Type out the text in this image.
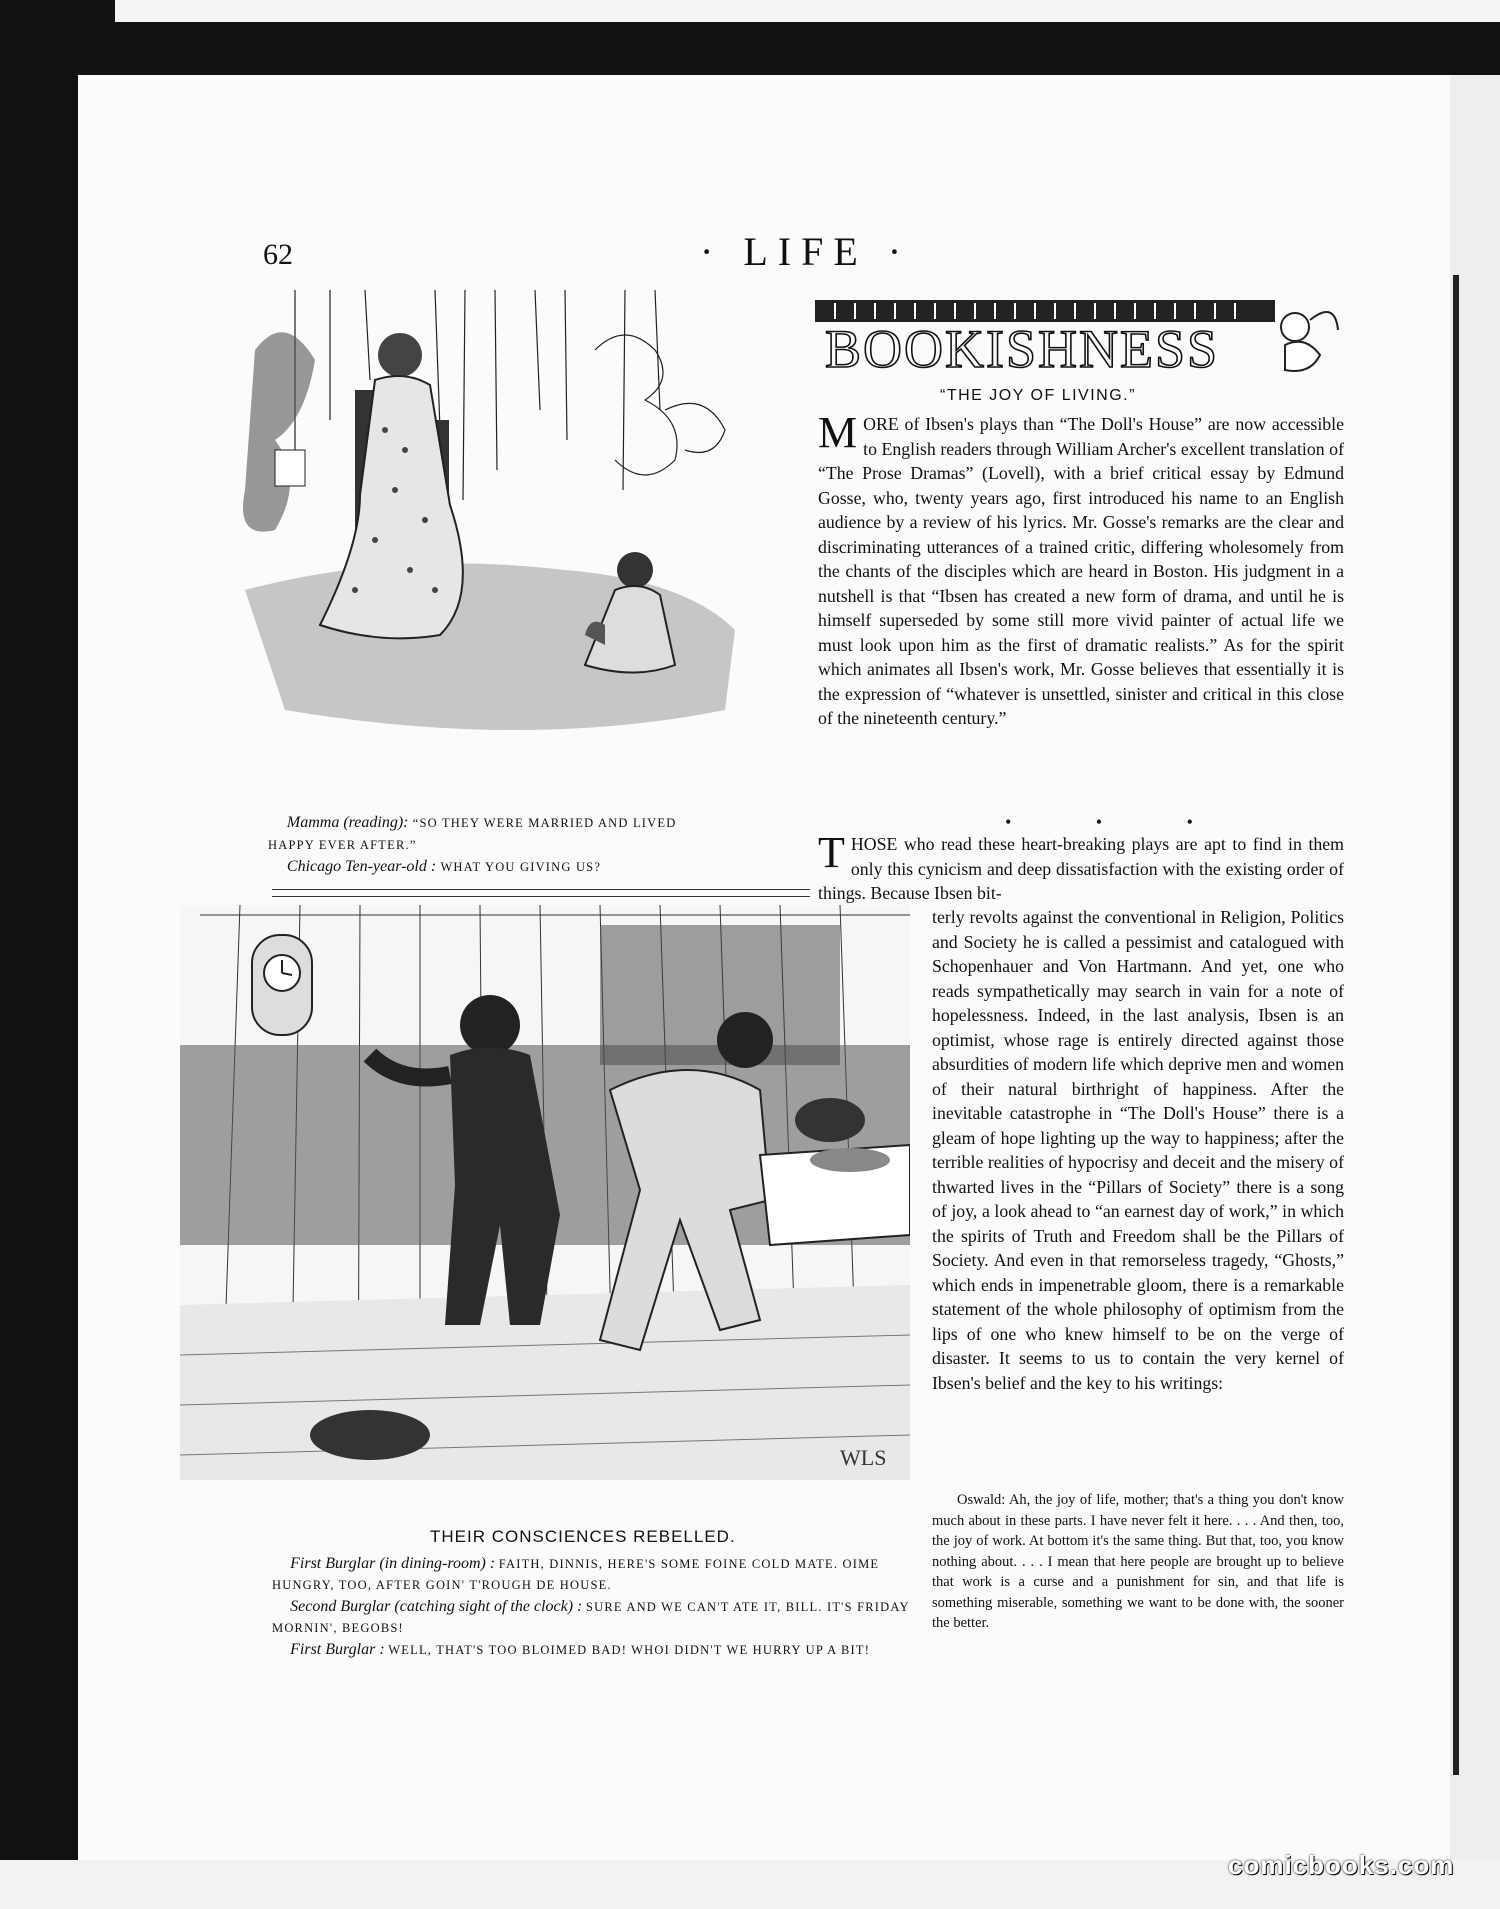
62	· LIFE ·

Mamma (reading): “SO THEY WERE MARRIED AND LIVED

HAPPY EVER AFTER.”

Chicago Ten-year-old : WHAT YOU GIVING US?

WLS
THEIR CONSCIENCES REBELLED.

First Burglar (in dining-room) : FAITH, DINNIS, HERE'S SOME FOINE COLD MATE. OIME HUNGRY, TOO, AFTER GOIN' T'ROUGH DE HOUSE.

Second Burglar (catching sight of the clock) : SURE AND WE CAN'T ATE IT, BILL. IT'S FRIDAY MORNIN', BEGOBS!

First Burglar : WELL, THAT'S TOO BLOIMED BAD! WHOI DIDN'T WE HURRY UP A BIT!

BOOKISHNESS
“THE JOY OF LIVING.”
MORE of Ibsen's plays than “The Doll's House” are now accessible to English readers through William Archer's excellent translation of “The Prose Dramas” (Lovell), with a brief critical essay by Edmund Gosse, who, twenty years ago, first introduced his name to an English audience by a review of his lyrics. Mr. Gosse's remarks are the clear and discriminating utterances of a trained critic, differing wholesomely from the chants of the disciples which are heard in Boston. His judgment in a nutshell is that “Ibsen has created a new form of drama, and until he is himself superseded by some still more vivid painter of actual life we must look upon him as the first of dramatic realists.” As for the spirit which animates all Ibsen's work, Mr. Gosse believes that essentially it is the expression of “whatever is unsettled, sinister and critical in this close of the nineteenth century.”
• • •
THOSE who read these heart-breaking plays are apt to find in them only this cynicism and deep dissatisfaction with the existing order of things. Because Ibsen bit-
terly revolts against the conventional in Religion, Politics and Society he is called a pessimist and catalogued with Schopenhauer and Von Hartmann. And yet, one who reads sympathetically may search in vain for a note of hopelessness. Indeed, in the last analysis, Ibsen is an optimist, whose rage is entirely directed against those absurdities of modern life which deprive men and women of their natural birthright of happiness. After the inevitable catastrophe in “The Doll's House” there is a gleam of hope lighting up the way to happiness; after the terrible realities of hypocrisy and deceit and the misery of thwarted lives in the “Pillars of Society” there is a song of joy, a look ahead to “an earnest day of work,” in which the spirits of Truth and Freedom shall be the Pillars of Society. And even in that remorseless tragedy, “Ghosts,” which ends in impenetrable gloom, there is a remarkable statement of the whole philosophy of optimism from the lips of one who knew himself to be on the verge of disaster. It seems to us to contain the very kernel of Ibsen's belief and the key to his writings:

Oswald: Ah, the joy of life, mother; that's a thing you don't know much about in these parts. I have never felt it here. . . . And then, too, the joy of work. At bottom it's the same thing. But that, too, you know nothing about. . . . I mean that here people are brought up to believe that work is a curse and a punishment for sin, and that life is something miserable, something we want to be done with, the sooner the better.

comicbooks.com
